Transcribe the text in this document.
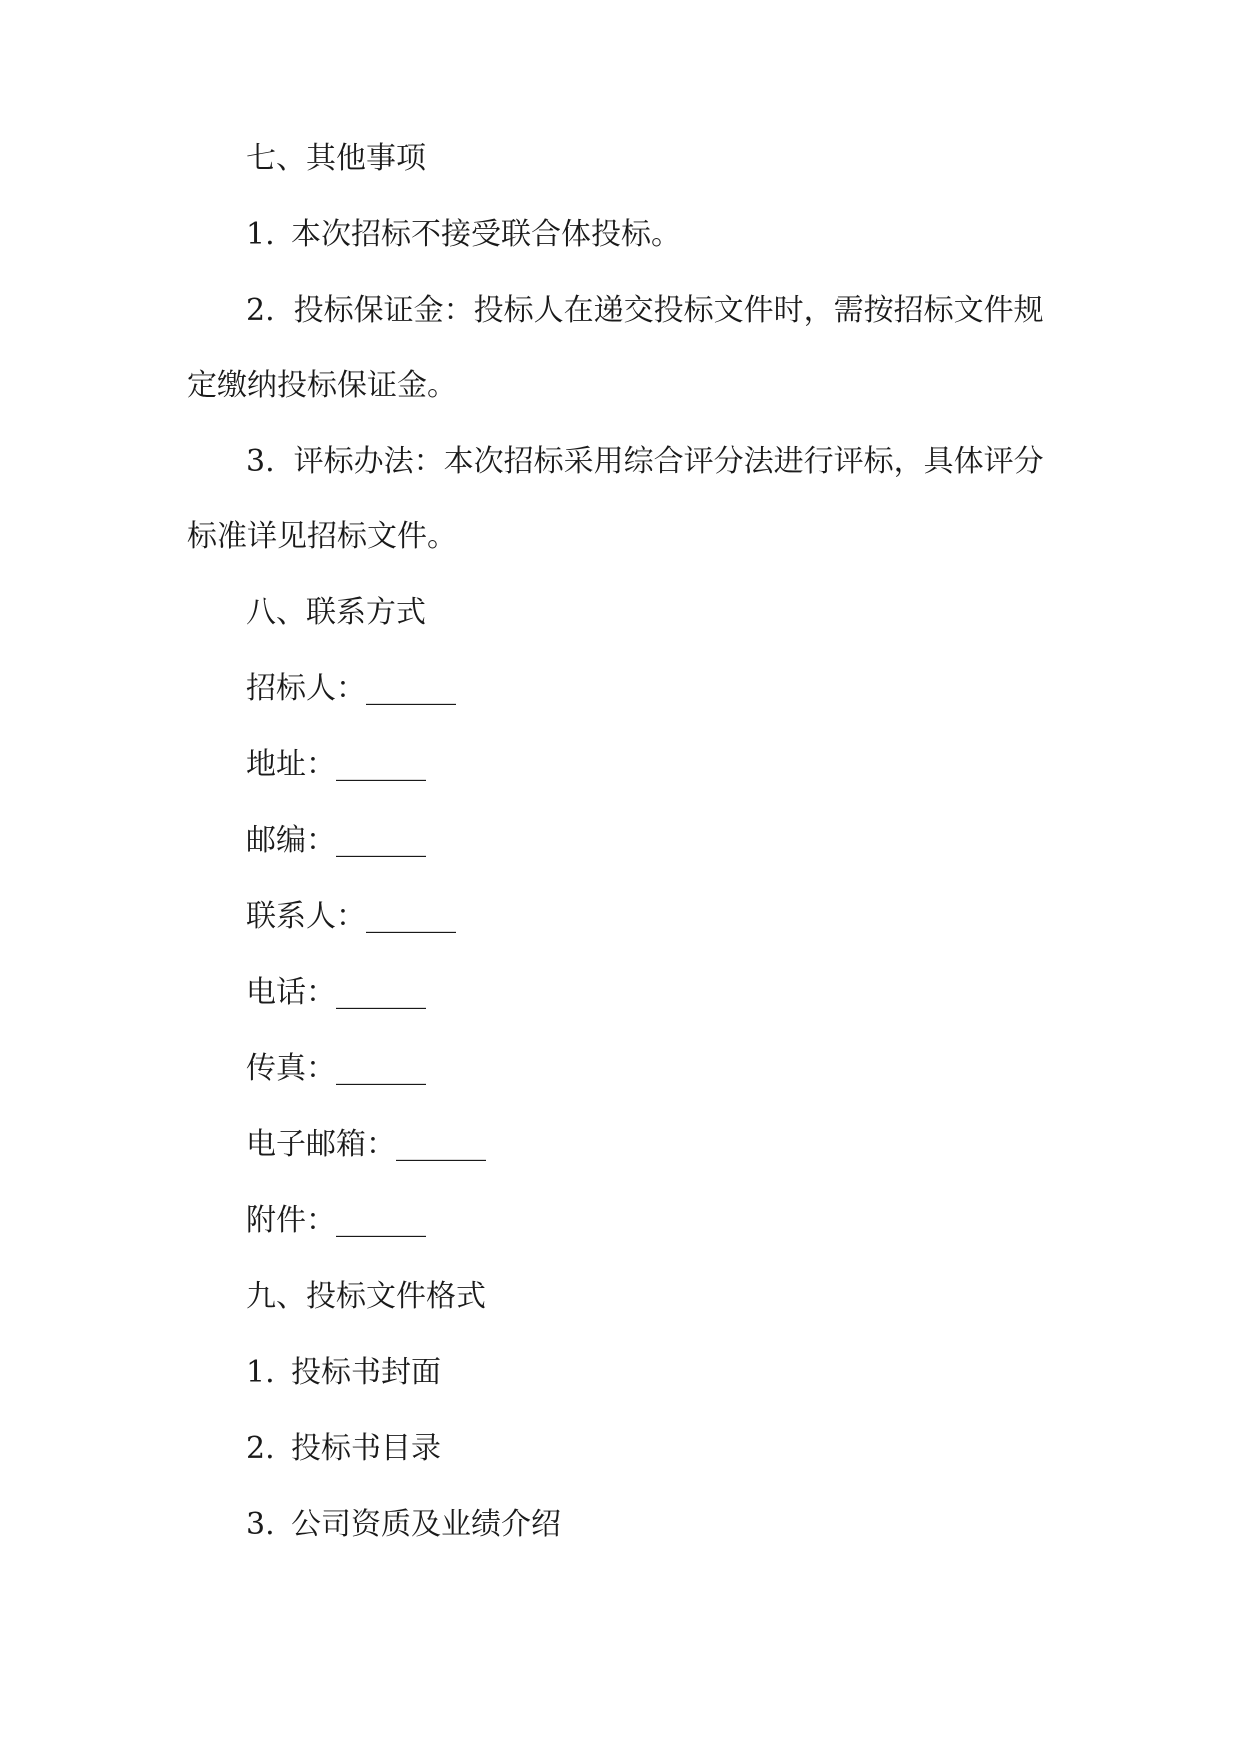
七、其他事项
1. 本次招标不接受联合体投标。
2. 投标保证金：投标人在递交投标文件时，需按招标文件规定缴纳投标保证金。
3. 评标办法：本次招标采用综合评分法进行评标，具体评分标准详见招标文件。
八、联系方式
招标人：______
地址：______
邮编：______
联系人：______
电话：______
传真：______
电子邮箱：______
附件：______
九、投标文件格式
1. 投标书封面
2. 投标书目录
3. 公司资质及业绩介绍
